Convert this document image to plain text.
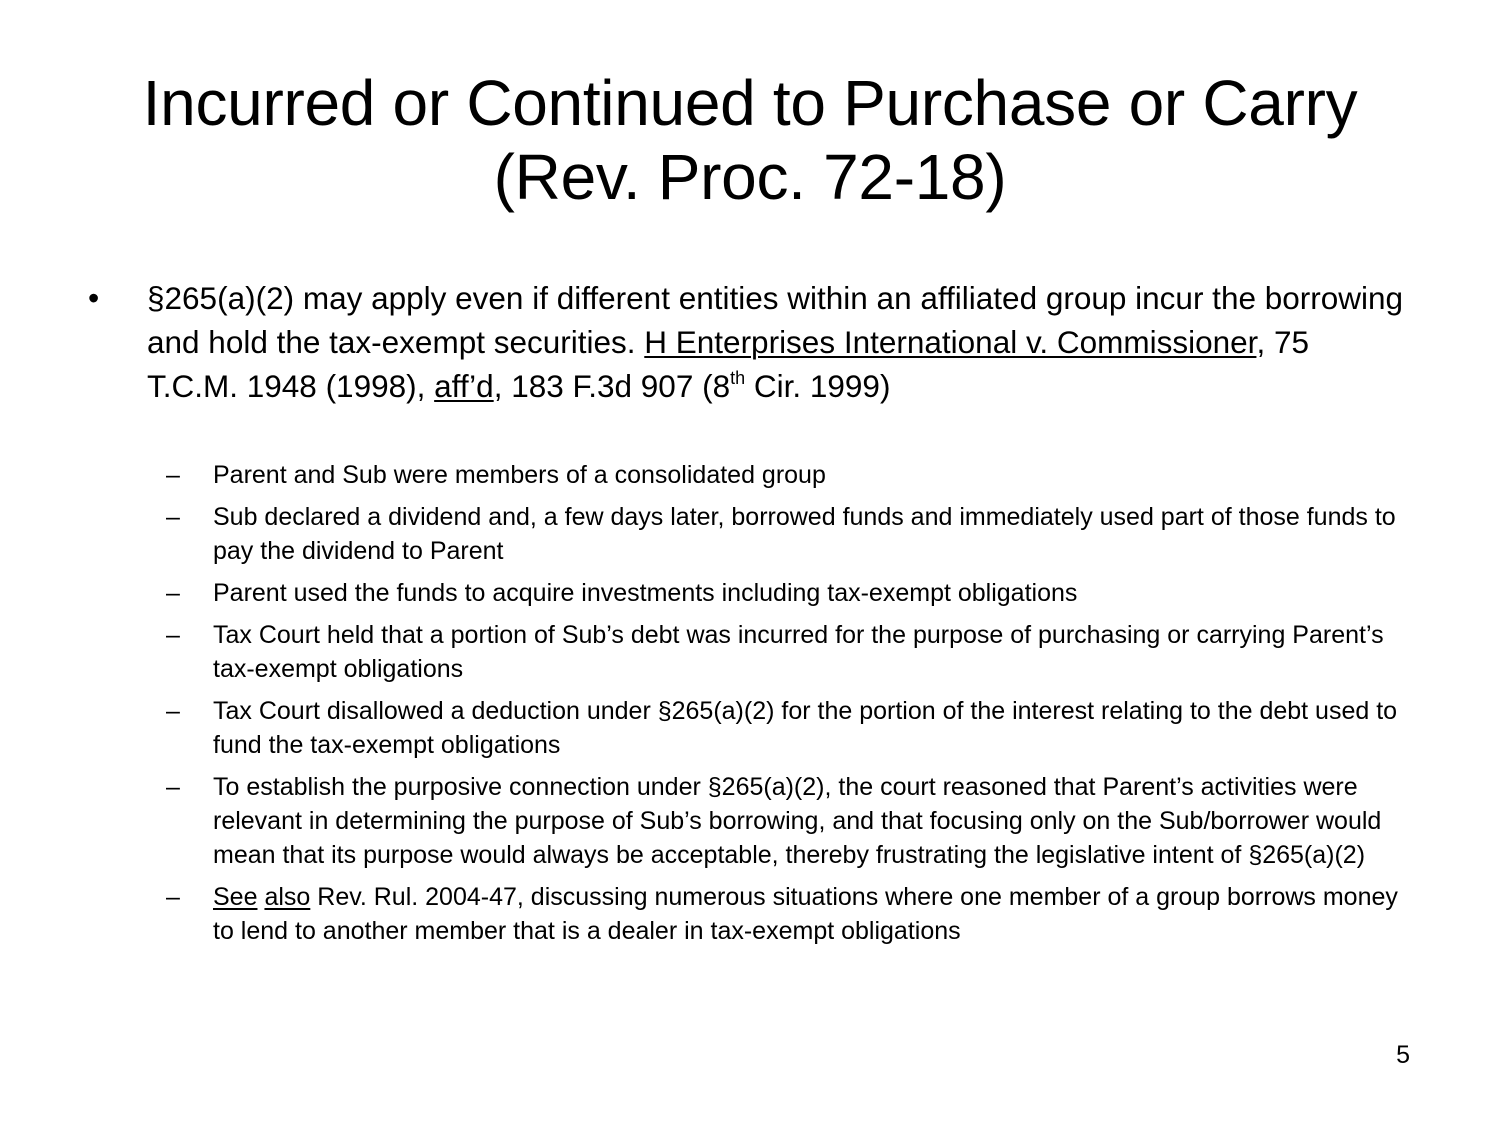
Incurred or Continued to Purchase or Carry
(Rev. Proc. 72-18)
• §265(a)(2) may apply even if different entities within an affiliated group incur the borrowing and hold the tax-exempt securities. H Enterprises International v. Commissioner, 75 T.C.M. 1948 (1998), aff’d, 183 F.3d 907 (8th Cir. 1999)
– Parent and Sub were members of a consolidated group
– Sub declared a dividend and, a few days later, borrowed funds and immediately used part of those funds to pay the dividend to Parent
– Parent used the funds to acquire investments including tax-exempt obligations
– Tax Court held that a portion of Sub’s debt was incurred for the purpose of purchasing or carrying Parent’s tax-exempt obligations
– Tax Court disallowed a deduction under §265(a)(2) for the portion of the interest relating to the debt used to fund the tax-exempt obligations
– To establish the purposive connection under §265(a)(2), the court reasoned that Parent’s activities were relevant in determining the purpose of Sub’s borrowing, and that focusing only on the Sub/borrower would mean that its purpose would always be acceptable, thereby frustrating the legislative intent of §265(a)(2)
– See also Rev. Rul. 2004-47, discussing numerous situations where one member of a group borrows money to lend to another member that is a dealer in tax-exempt obligations
5
